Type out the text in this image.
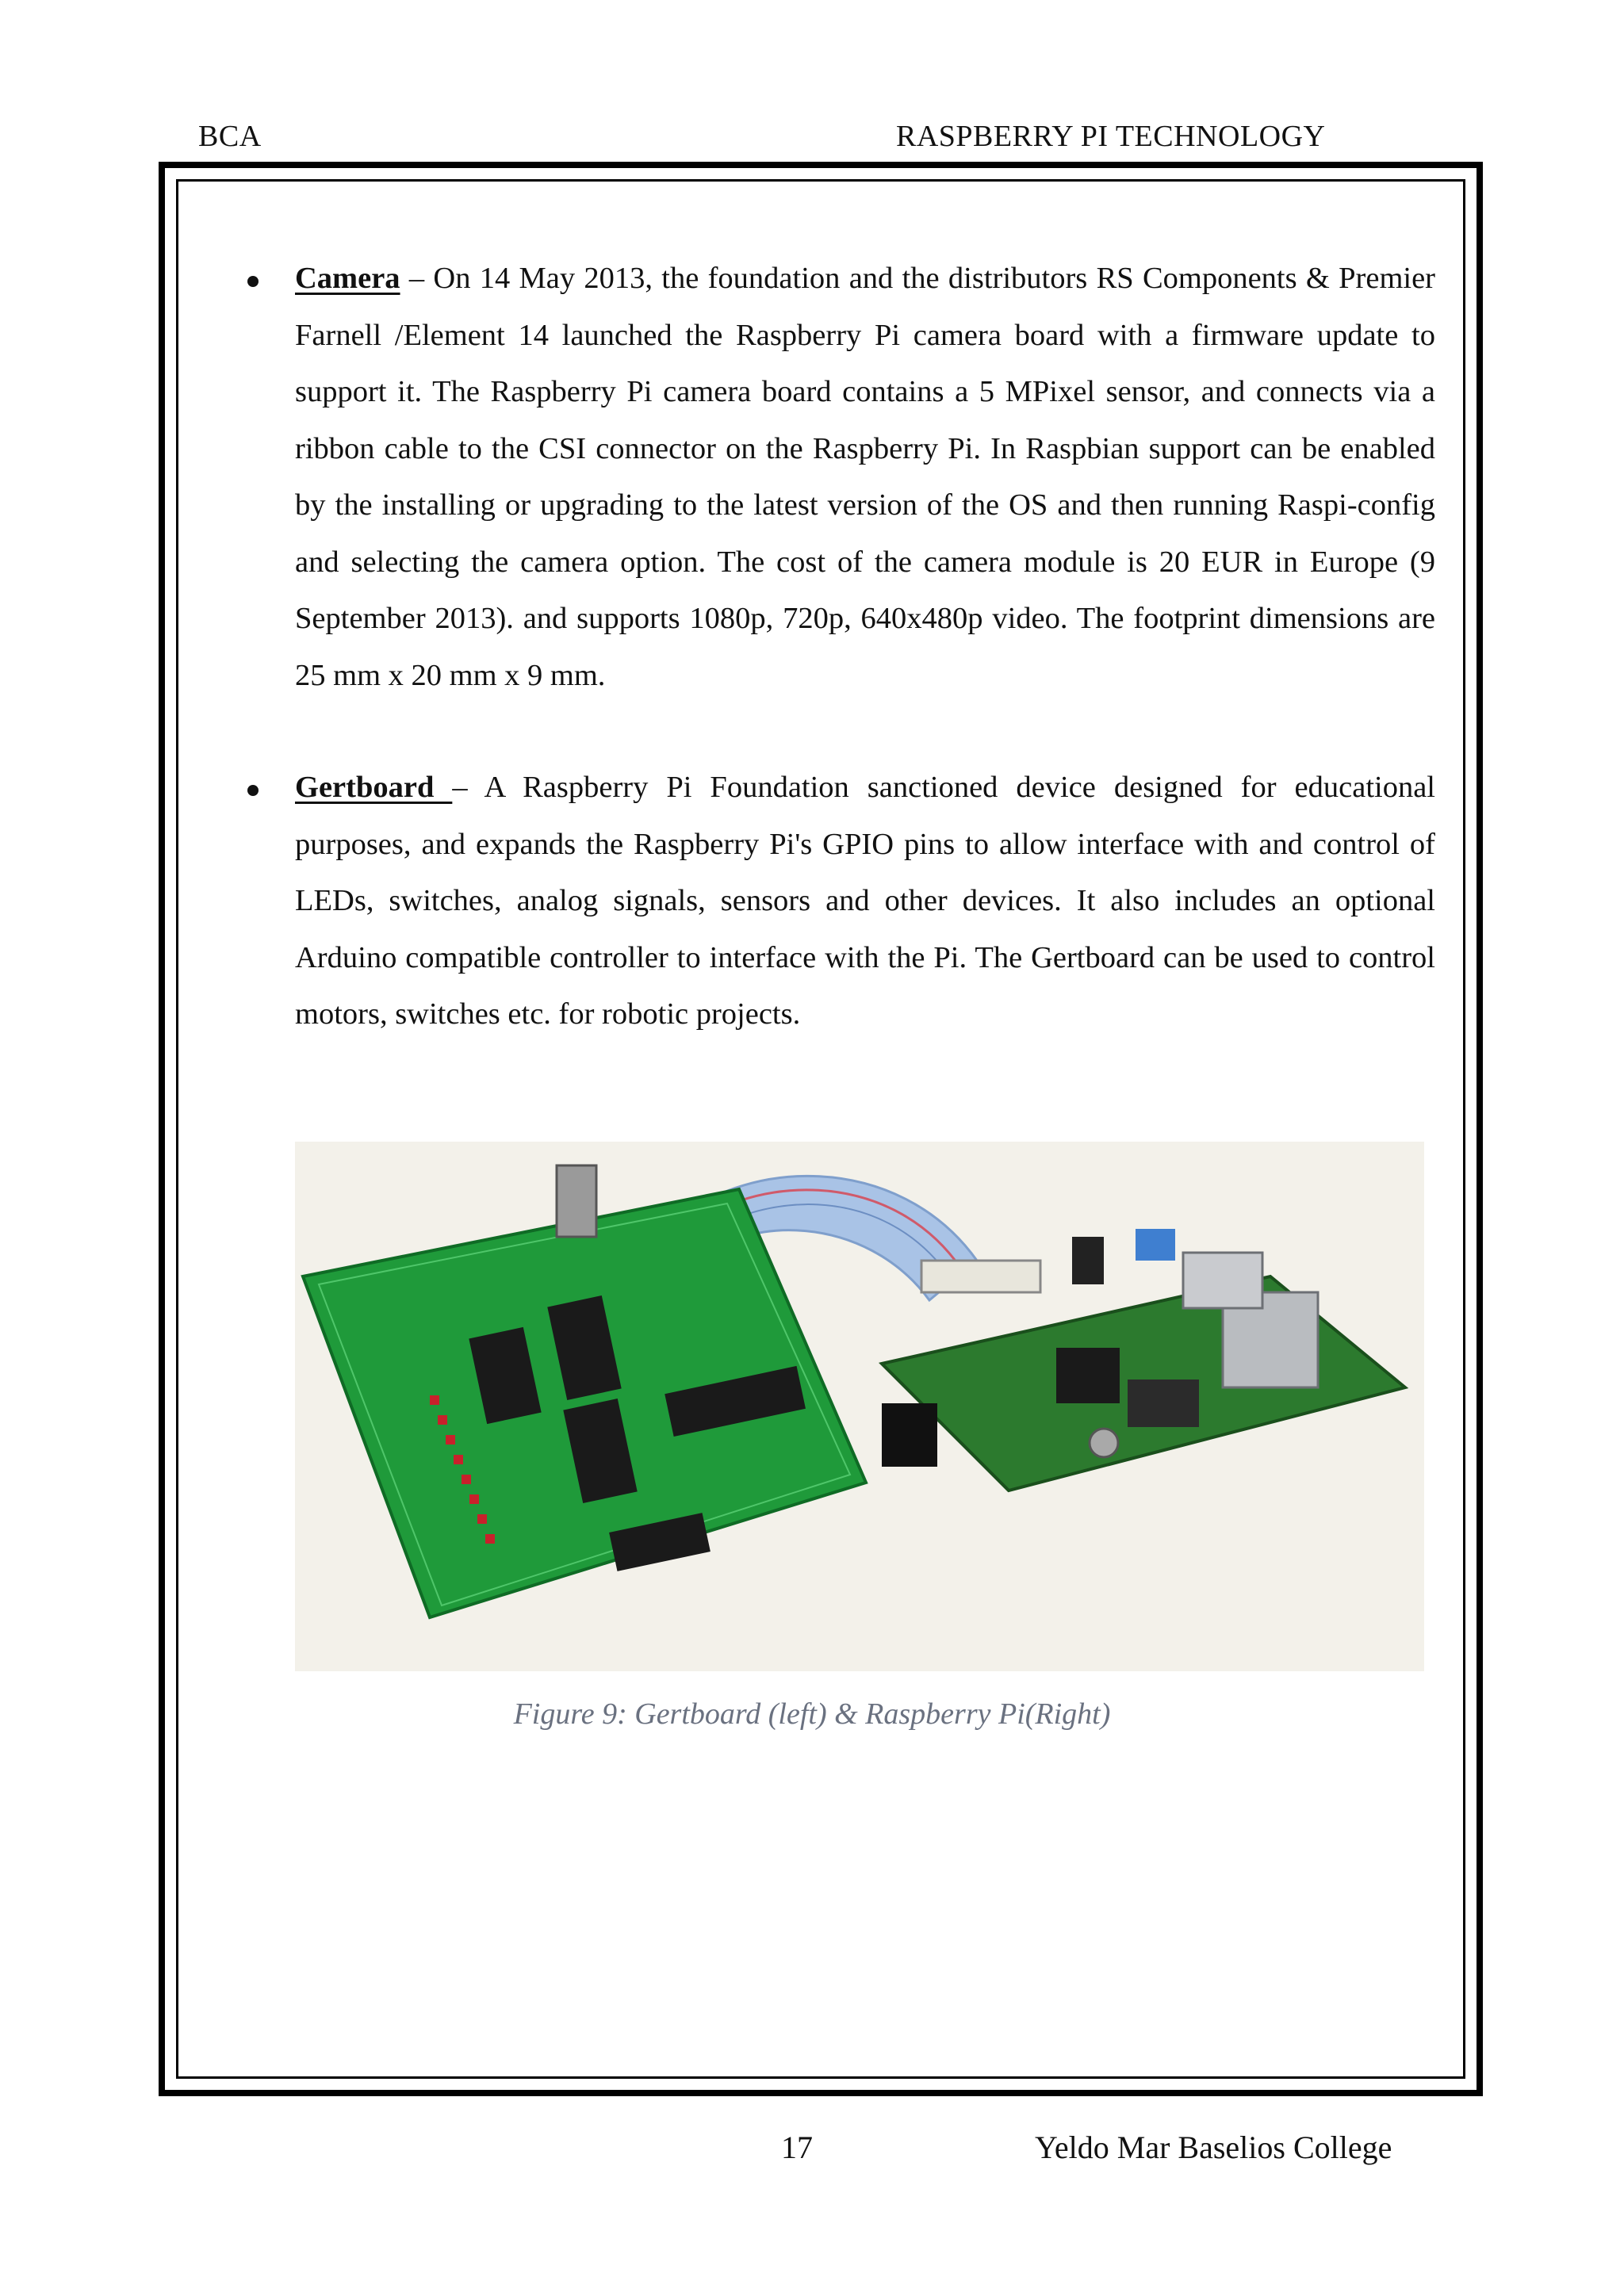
BCA	RASPBERRY PI TECHNOLOGY
Camera – On 14 May 2013, the foundation and the distributors RS Components & Premier Farnell /Element 14 launched the Raspberry Pi camera board with a firmware update to support it. The Raspberry Pi camera board contains a 5 MPixel sensor, and connects via a ribbon cable to the CSI connector on the Raspberry Pi. In Raspbian support can be enabled by the installing or upgrading to the latest version of the OS and then running Raspi-config and selecting the camera option. The cost of the camera module is 20 EUR in Europe (9 September 2013). and supports 1080p, 720p, 640x480p video. The footprint dimensions are 25 mm x 20 mm x 9 mm.
Gertboard – A Raspberry Pi Foundation sanctioned device designed for educational purposes, and expands the Raspberry Pi's GPIO pins to allow interface with and control of LEDs, switches, analog signals, sensors and other devices. It also includes an optional Arduino compatible controller to interface with the Pi. The Gertboard can be used to control motors, switches etc. for robotic projects.
Figure 9: Gertboard (left) & Raspberry Pi(Right)
17	Yeldo Mar Baselios College
